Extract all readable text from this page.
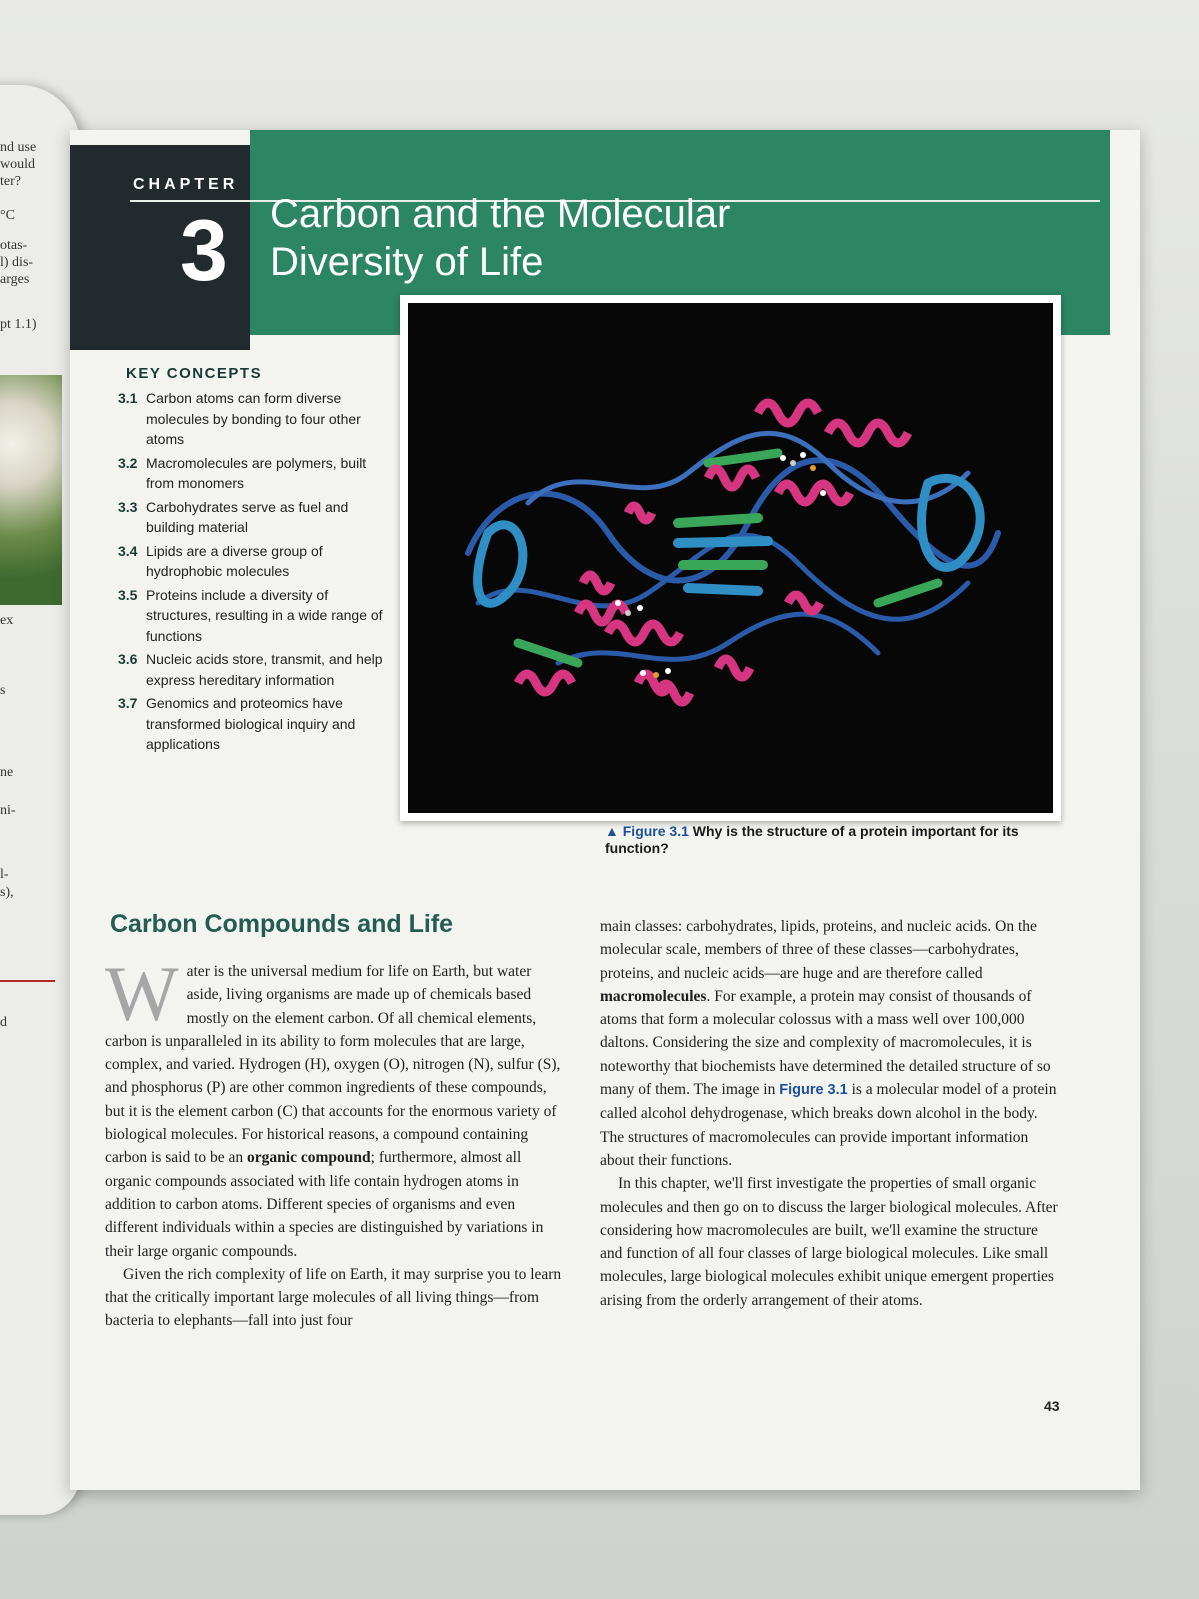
nd use
would
ter?
°C
otas-
l) dis-
arges
pt 1.1)
ex
s
ne
ni-
l-
s),
d
CHAPTER
3 Carbon and the Molecular
Diversity of Life
KEY CONCEPTS
3.1 Carbon atoms can form diverse molecules by bonding to four other atoms
3.2 Macromolecules are polymers, built from monomers
3.3 Carbohydrates serve as fuel and building material
3.4 Lipids are a diverse group of hydrophobic molecules
3.5 Proteins include a diversity of structures, resulting in a wide range of functions
3.6 Nucleic acids store, transmit, and help express hereditary information
3.7 Genomics and proteomics have transformed biological inquiry and applications
▲ Figure 3.1 Why is the structure of a protein important for its function?
Carbon Compounds and Life

Water is the universal medium for life on Earth, but water aside, living organisms are made up of chemicals based mostly on the element carbon. Of all chemical elements, carbon is unparalleled in its ability to form molecules that are large, complex, and varied. Hydrogen (H), oxygen (O), nitrogen (N), sulfur (S), and phosphorus (P) are other common ingredients of these compounds, but it is the element carbon (C) that accounts for the enormous variety of biological molecules. For historical reasons, a compound containing carbon is said to be an organic compound; furthermore, almost all organic compounds associated with life contain hydrogen atoms in addition to carbon atoms. Different species of organisms and even different individuals within a species are distinguished by variations in their large organic compounds.

Given the rich complexity of life on Earth, it may surprise you to learn that the critically important large molecules of all living things—from bacteria to elephants—fall into just four

main classes: carbohydrates, lipids, proteins, and nucleic acids. On the molecular scale, members of three of these classes—carbohydrates, proteins, and nucleic acids—are huge and are therefore called macromolecules. For example, a protein may consist of thousands of atoms that form a molecular colossus with a mass well over 100,000 daltons. Considering the size and complexity of macromolecules, it is noteworthy that biochemists have determined the detailed structure of so many of them. The image in Figure 3.1 is a molecular model of a protein called alcohol dehydrogenase, which breaks down alcohol in the body. The structures of macromolecules can provide important information about their functions.

In this chapter, we'll first investigate the properties of small organic molecules and then go on to discuss the larger biological molecules. After considering how macromolecules are built, we'll examine the structure and function of all four classes of large biological molecules. Like small molecules, large biological molecules exhibit unique emergent properties arising from the orderly arrangement of their atoms.

43
